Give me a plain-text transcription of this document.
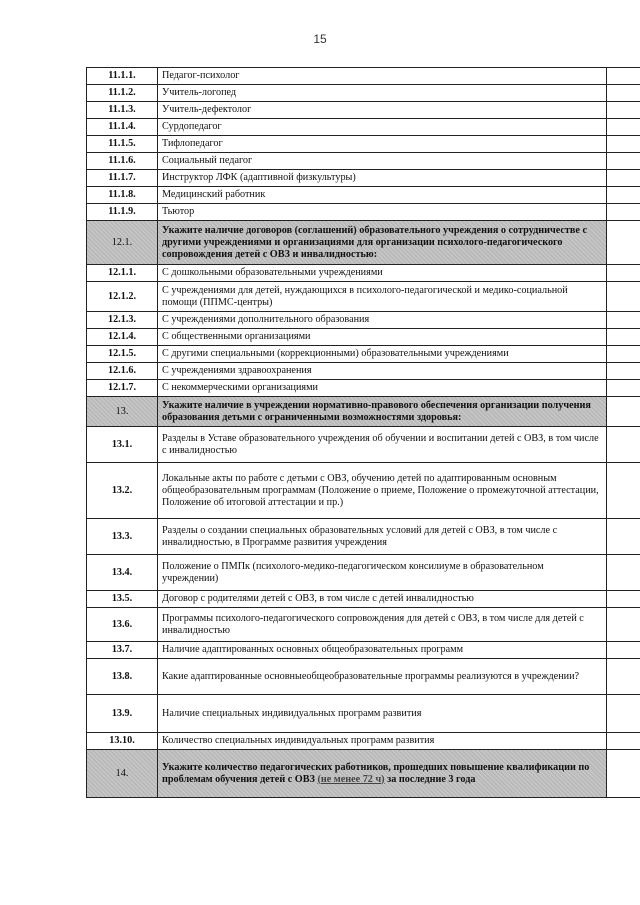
15
11.1.1.	Педагог-психолог	
11.1.2.	Учитель-логопед	
11.1.3.	Учитель-дефектолог	
11.1.4.	Сурдопедагог	
11.1.5.	Тифлопедагог	
11.1.6.	Социальный педагог	
11.1.7.	Инструктор ЛФК (адаптивной физкультуры)	
11.1.8.	Медицинский работник	
11.1.9.	Тьютор	
12.1.	Укажите наличие договоров (соглашений) образовательного учреждения о сотрудничестве с другими учреждениями и организациями для организации психолого-педагогического сопровождения детей с ОВЗ и инвалидностью:	
12.1.1.	С дошкольными образовательными учреждениями	
12.1.2.	С учреждениями для детей, нуждающихся в психолого-педагогической и медико-социальной помощи (ППМС-центры)	
12.1.3.	С учреждениями дополнительного образования	
12.1.4.	С общественными организациями	
12.1.5.	С другими специальными (коррекционными) образовательными учреждениями	
12.1.6.	С учреждениями здравоохранения	
12.1.7.	С некоммерческими организациями	
13.	Укажите наличие в учреждении нормативно-правового обеспечения организации получения образования детьми с ограниченными возможностями здоровья:	
13.1.	Разделы в Уставе образовательного учреждения об обучении и воспитании детей с ОВЗ, в том числе с инвалидностью	
13.2.	Локальные акты по работе с детьми с ОВЗ, обучению детей по адаптированным основным общеобразовательным программам (Положение о приеме, Положение о промежуточной аттестации, Положение об итоговой аттестации и пр.)	
13.3.	Разделы о создании специальных образовательных условий для детей с ОВЗ, в том числе с инвалидностью, в Программе развития учреждения	
13.4.	Положение о ПМПк (психолого-медико-педагогическом консилиуме в образовательном учреждении)	
13.5.	Договор с родителями детей с ОВЗ, в том числе с детей инвалидностью	
13.6.	Программы психолого-педагогического сопровождения для детей с ОВЗ, в том числе для детей с инвалидностью	
13.7.	Наличие адаптированных основных общеобразовательных программ	
13.8.	Какие адаптированные основныеобщеобразовательные программы реализуются в учреждении?	
13.9.	Наличие специальных индивидуальных программ развития	
13.10.	Количество специальных индивидуальных программ развития	
14.	Укажите количество педагогических работников, прошедших повышение квалификации по проблемам обучения детей с ОВЗ (не менее 72 ч) за последние 3 года	
